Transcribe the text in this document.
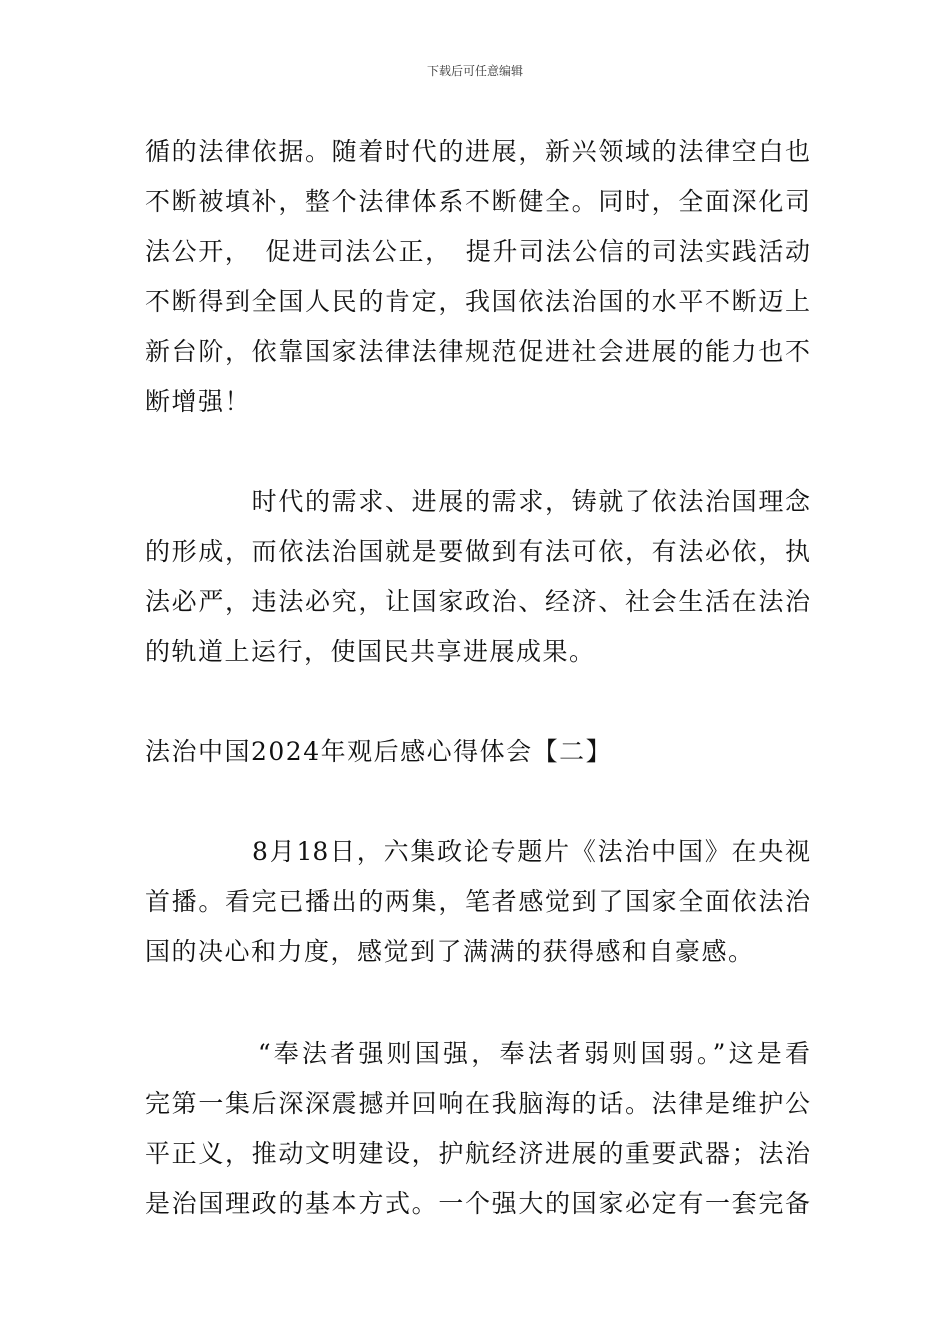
下载后可任意编辑
循的法律依据。随着时代的进展，新兴领域的法律空白也
不断被填补，整个法律体系不断健全。同时，全面深化司
法公开，　促进司法公正，　提升司法公信的司法实践活动
不断得到全国人民的肯定，我国依法治国的水平不断迈上
新台阶，依靠国家法律法律规范促进社会进展的能力也不
断增强！
　　　　时代的需求、进展的需求，铸就了依法治国理念
的形成，而依法治国就是要做到有法可依，有法必依，执
法必严，违法必究，让国家政治、经济、社会生活在法治
的轨道上运行，使国民共享进展成果。
法治中国2024年观后感心得体会【二】
　　　　8月18日，六集政论专题片《法治中国》在央视
首播。看完已播出的两集，笔者感觉到了国家全面依法治
国的决心和力度，感觉到了满满的获得感和自豪感。
　　　　“奉法者强则国强，奉法者弱则国弱。”这是看
完第一集后深深震撼并回响在我脑海的话。法律是维护公
平正义，推动文明建设，护航经济进展的重要武器；法治
是治国理政的基本方式。一个强大的国家必定有一套完备
